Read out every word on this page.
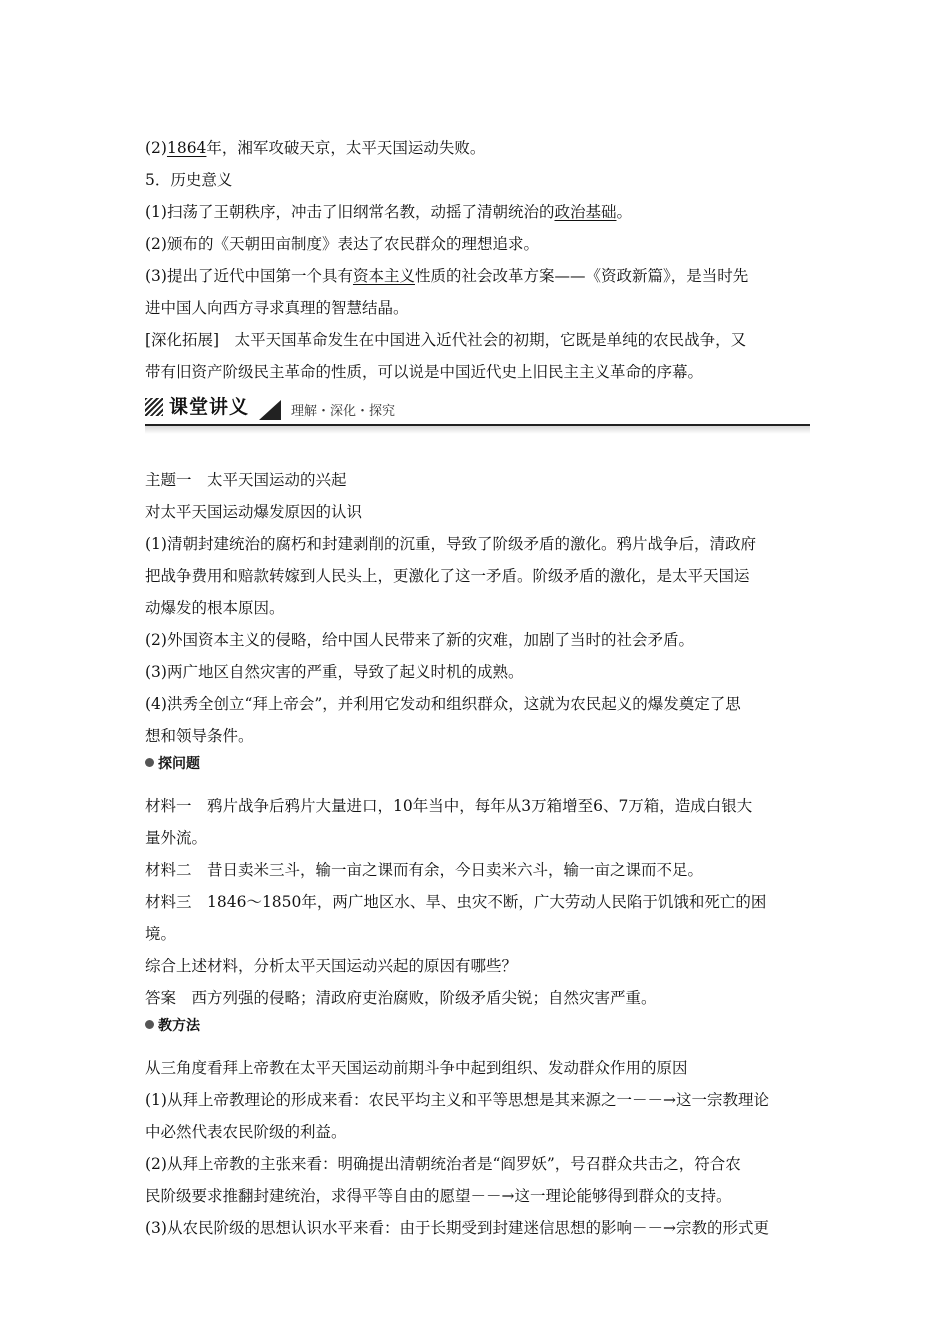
(2)1864年，湘军攻破天京，太平天国运动失败。
5．历史意义
(1)扫荡了王朝秩序，冲击了旧纲常名教，动摇了清朝统治的政治基础。
(2)颁布的《天朝田亩制度》表达了农民群众的理想追求。
(3)提出了近代中国第一个具有资本主义性质的社会改革方案——《资政新篇》，是当时先
进中国人向西方寻求真理的智慧结晶。
[深化拓展]　太平天国革命发生在中国进入近代社会的初期，它既是单纯的农民战争，又
带有旧资产阶级民主革命的性质，可以说是中国近代史上旧民主主义革命的序幕。
课堂讲义	理解・深化・探究
主题一　太平天国运动的兴起
对太平天国运动爆发原因的认识
(1)清朝封建统治的腐朽和封建剥削的沉重，导致了阶级矛盾的激化。鸦片战争后，清政府
把战争费用和赔款转嫁到人民头上，更激化了这一矛盾。阶级矛盾的激化，是太平天国运
动爆发的根本原因。
(2)外国资本主义的侵略，给中国人民带来了新的灾难，加剧了当时的社会矛盾。
(3)两广地区自然灾害的严重，导致了起义时机的成熟。
(4)洪秀全创立“拜上帝会”，并利用它发动和组织群众，这就为农民起义的爆发奠定了思
想和领导条件。
探问题
材料一　鸦片战争后鸦片大量进口，10年当中，每年从3万箱增至6、7万箱，造成白银大
量外流。
材料二　昔日卖米三斗，输一亩之课而有余，今日卖米六斗，输一亩之课而不足。
材料三　1846～1850年，两广地区水、旱、虫灾不断，广大劳动人民陷于饥饿和死亡的困
境。
综合上述材料，分析太平天国运动兴起的原因有哪些？
答案　西方列强的侵略；清政府吏治腐败，阶级矛盾尖锐；自然灾害严重。
教方法
从三角度看拜上帝教在太平天国运动前期斗争中起到组织、发动群众作用的原因
(1)从拜上帝教理论的形成来看：农民平均主义和平等思想是其来源之一－－→这一宗教理论
中必然代表农民阶级的利益。
(2)从拜上帝教的主张来看：明确提出清朝统治者是“阎罗妖”，号召群众共击之，符合农
民阶级要求推翻封建统治，求得平等自由的愿望－－→这一理论能够得到群众的支持。
(3)从农民阶级的思想认识水平来看：由于长期受到封建迷信思想的影响－－→宗教的形式更
